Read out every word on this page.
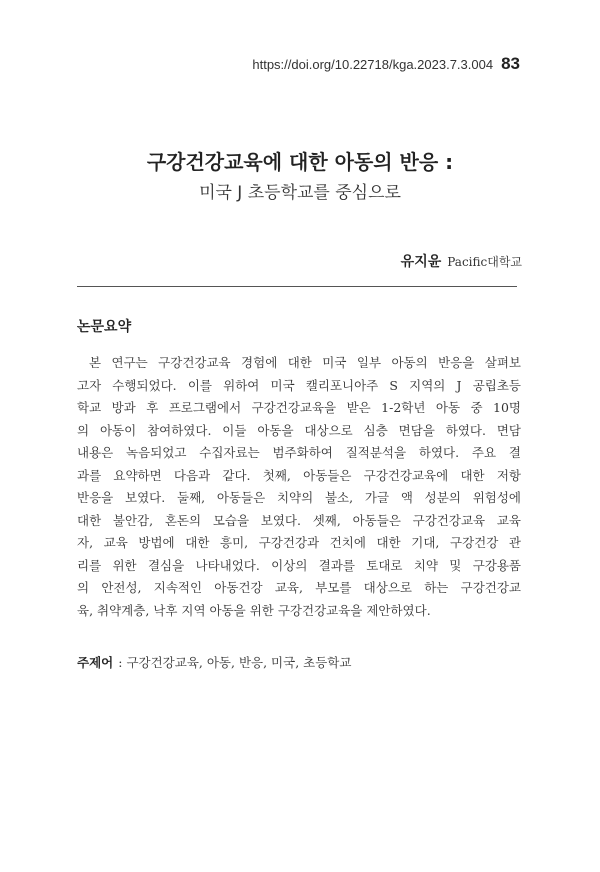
https://doi.org/10.22718/kga.2023.7.3.004 83
구강건강교육에 대한 아동의 반응 :
미국 J 초등학교를 중심으로
유지윤 Pacific대학교
논문요약
본 연구는 구강건강교육 경험에 대한 미국 일부 아동의 반응을 살펴보
고자 수행되었다. 이를 위하여 미국 캘리포니아주 S 지역의 J 공립초등
학교 방과 후 프로그램에서 구강건강교육을 받은 1-2학년 아동 중 10명
의 아동이 참여하였다. 이들 아동을 대상으로 심층 면담을 하였다. 면담
내용은 녹음되었고 수집자료는 범주화하여 질적분석을 하였다. 주요 결
과를 요약하면 다음과 같다. 첫째, 아동들은 구강건강교육에 대한 저항
반응을 보였다. 둘째, 아동들은 치약의 불소, 가글 액 성분의 위험성에
대한 불안감, 혼돈의 모습을 보였다. 셋째, 아동들은 구강건강교육 교육
자, 교육 방법에 대한 흥미, 구강건강과 건치에 대한 기대, 구강건강 관
리를 위한 결심을 나타내었다. 이상의 결과를 토대로 치약 및 구강용품
의 안전성, 지속적인 아동건강 교육, 부모를 대상으로 하는 구강건강교
육, 취약계층, 낙후 지역 아동을 위한 구강건강교육을 제안하였다.
주제어 : 구강건강교육, 아동, 반응, 미국, 초등학교
